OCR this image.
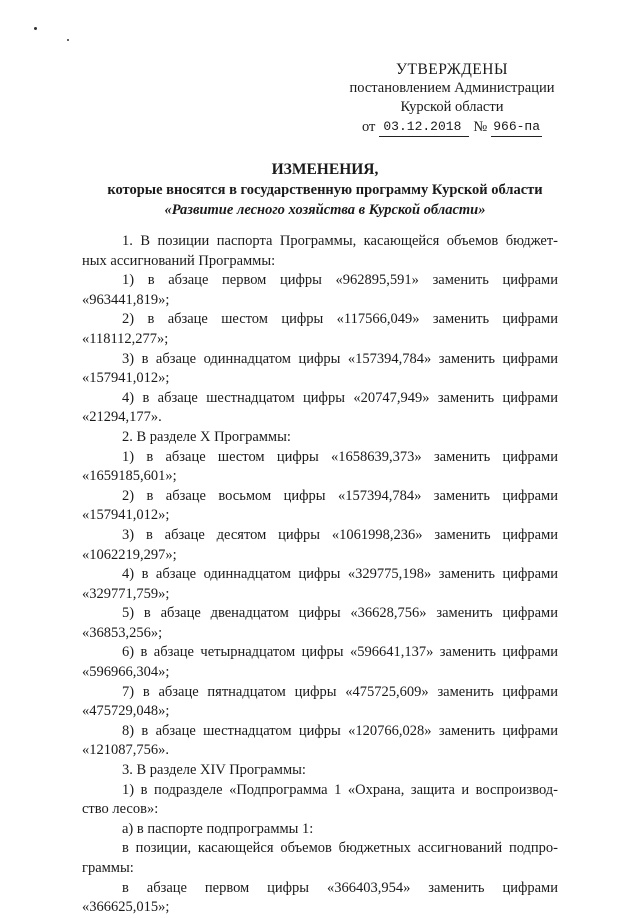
УТВЕРЖДЕНЫ
постановлением Администрации
Курской области
от 03.12.2018 № 966-па
ИЗМЕНЕНИЯ,
которые вносятся в государственную программу Курской области
«Развитие лесного хозяйства в Курской области»

1. В позиции паспорта Программы, касающейся объемов бюджет-
ных ассигнований Программы:

1) в абзаце первом цифры «962895,591» заменить цифрами
«963441,819»;

2) в абзаце шестом цифры «117566,049» заменить цифрами
«118112,277»;

3) в абзаце одиннадцатом цифры «157394,784» заменить цифрами
«157941,012»;

4) в абзаце шестнадцатом цифры «20747,949» заменить цифрами
«21294,177».

2. В разделе X Программы:

1) в абзаце шестом цифры «1658639,373» заменить цифрами
«1659185,601»;

2) в абзаце восьмом цифры «157394,784» заменить цифрами
«157941,012»;

3) в абзаце десятом цифры «1061998,236» заменить цифрами
«1062219,297»;

4) в абзаце одиннадцатом цифры «329775,198» заменить цифрами
«329771,759»;

5) в абзаце двенадцатом цифры «36628,756» заменить цифрами
«36853,256»;

6) в абзаце четырнадцатом цифры «596641,137» заменить цифрами
«596966,304»;

7) в абзаце пятнадцатом цифры «475725,609» заменить цифрами
«475729,048»;

8) в абзаце шестнадцатом цифры «120766,028» заменить цифрами
«121087,756».

3. В разделе XIV Программы:

1) в подразделе «Подпрограмма 1 «Охрана, защита и воспроизвод-
ство лесов»:

а) в паспорте подпрограммы 1:

в позиции, касающейся объемов бюджетных ассигнований подпро-
граммы:

в абзаце первом цифры «366403,954» заменить цифрами
«366625,015»;
